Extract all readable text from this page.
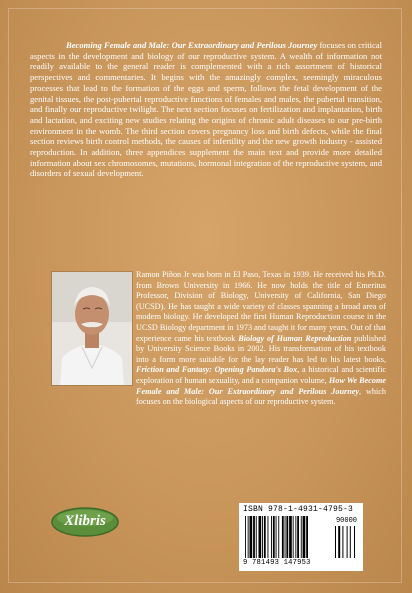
Becoming Female and Male: Our Extraordinary and Perilous Journey focuses on critical aspects in the development and biology of our reproductive system. A wealth of information not readily available to the general reader is complemented with a rich assortment of historical perspectives and commentaries. It begins with the amazingly complex, seemingly miraculous processes that lead to the formation of the eggs and sperm, follows the fetal development of the genital tissues, the post-pubertal reproductive functions of females and males, the pubertal transition, and finally our reproductive twilight. The next section focuses on fertilization and implantation, birth and lactation, and exciting new studies relating the origins of chronic adult diseases to our pre-birth environment in the womb. The third section covers pregnancy loss and birth defects, while the final section reviews birth control methods, the causes of infertility and the new growth industry - assisted reproduction. In addition, three appendices supplement the main text and provide more detailed information about sex chromosomes, mutations, hormonal integration of the reproductive system, and disorders of sexual development.

Ramon Piñon Jr was born in El Paso, Texas in 1939. He received his Ph.D. from Brown University in 1966. He now holds the title of Emeritus Professor, Division of Biology, University of California, San Diego (UCSD). He has taught a wide variety of classes spanning a broad area of modern biology. He developed the first Human Reproduction course in the UCSD Biology department in 1973 and taught it for many years. Out of that experience came his textbook Biology of Human Reproduction published by University Science Books in 2002. His transformation of his textbook into a form more suitable for the lay reader has led to his latest books, Friction and Fantasy: Opening Pandora's Box, a historical and scientific exploration of human sexuality, and a companion volume, How We Become Female and Male: Our Extraordinary and Perilous Journey, which focuses on the biological aspects of our reproductive system.

Xlibris
ISBN 978-1-4931-4795-3
9 781493 147953
90000
